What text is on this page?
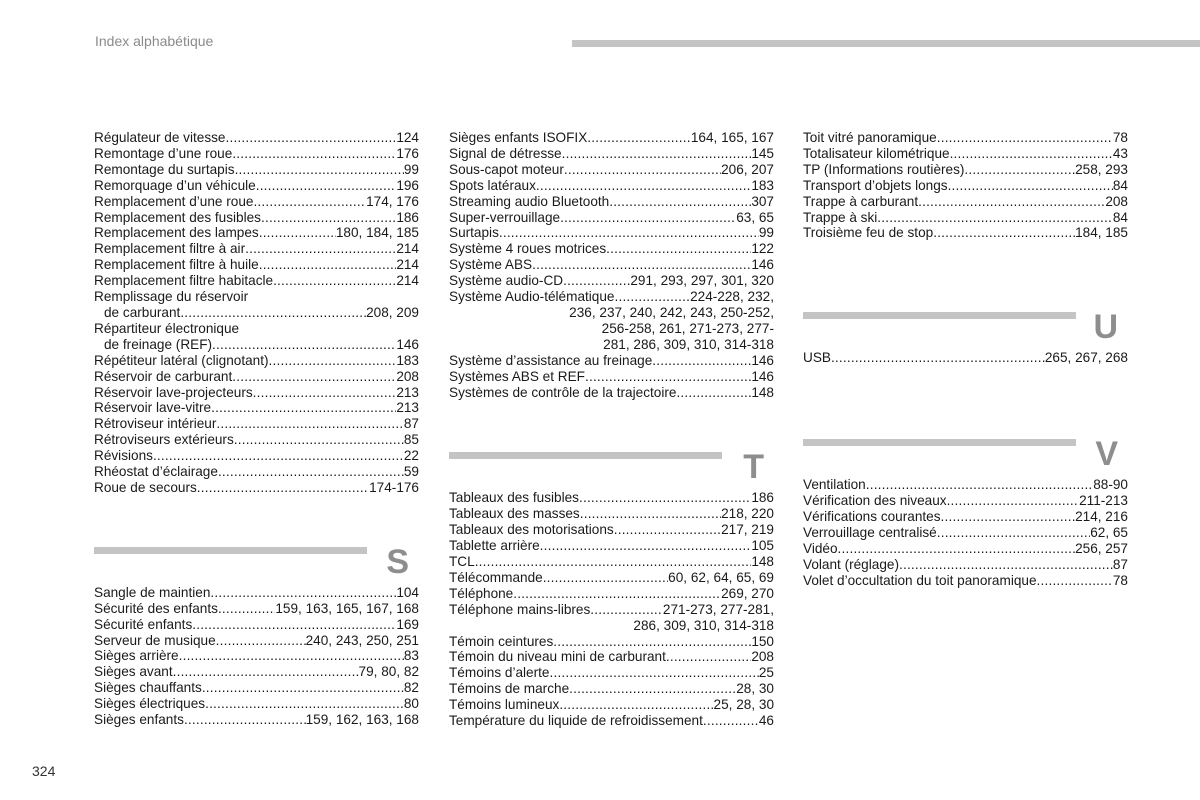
Index alphabétique
Régulateur de vitesse .....	124
Remontage d’une roue .....	176
Remontage du surtapis .....	99
Remorquage d’un véhicule .....	196
Remplacement d’une roue .....	174, 176
Remplacement des fusibles .....	186
Remplacement des lampes .....	180, 184, 185
Remplacement filtre à air .....	214
Remplacement filtre à huile .....	214
Remplacement filtre habitacle .....	214
Remplissage du réservoir
de carburant .....	208, 209
Répartiteur électronique
de freinage (REF) .....	146
Répétiteur latéral (clignotant) .....	183
Réservoir de carburant .....	208
Réservoir lave-projecteurs .....	213
Réservoir lave-vitre .....	213
Rétroviseur intérieur .....	87
Rétroviseurs extérieurs .....	85
Révisions .....	22
Rhéostat d’éclairage .....	59
Roue de secours .....	174-176
S
Sangle de maintien .....	104
Sécurité des enfants .....	159, 163, 165, 167, 168
Sécurité enfants .....	169
Serveur de musique .....	240, 243, 250, 251
Sièges arrière .....	83
Sièges avant .....	79, 80, 82
Sièges chauffants .....	82
Sièges électriques .....	80
Sièges enfants .....	159, 162, 163, 168
Sièges enfants ISOFIX .....	164, 165, 167
Signal de détresse .....	145
Sous-capot moteur .....	206, 207
Spots latéraux .....	183
Streaming audio Bluetooth .....	307
Super-verrouillage .....	63, 65
Surtapis .....	99
Système 4 roues motrices .....	122
Système ABS .....	146
Système audio-CD .....	291, 293, 297, 301, 320
Système Audio-télématique .....	224-228, 232,
236, 237, 240, 242, 243, 250-252,
256-258, 261, 271-273, 277-
281, 286, 309, 310, 314-318
Système d’assistance au freinage .....	146
Systèmes ABS et REF .....	146
Systèmes de contrôle de la trajectoire .....	148
T
Tableaux des fusibles .....	186
Tableaux des masses .....	218, 220
Tableaux des motorisations .....	217, 219
Tablette arrière .....	105
TCL .....	148
Télécommande .....	60, 62, 64, 65, 69
Téléphone .....	269, 270
Téléphone mains-libres .....	271-273, 277-281,
286, 309, 310, 314-318
Témoin ceintures .....	150
Témoin du niveau mini de carburant .....	208
Témoins d’alerte .....	25
Témoins de marche .....	28, 30
Témoins lumineux .....	25, 28, 30
Température du liquide de refroidissement .....	46
Toit vitré panoramique .....	78
Totalisateur kilométrique .....	43
TP (Informations routières) .....	258, 293
Transport d’objets longs .....	84
Trappe à carburant .....	208
Trappe à ski .....	84
Troisième feu de stop .....	184, 185
U
USB .....	265, 267, 268
V
Ventilation .....	88-90
Vérification des niveaux .....	211-213
Vérifications courantes .....	214, 216
Verrouillage centralisé .....	62, 65
Vidéo .....	256, 257
Volant (réglage) .....	87
Volet d’occultation du toit panoramique .....	78
324
